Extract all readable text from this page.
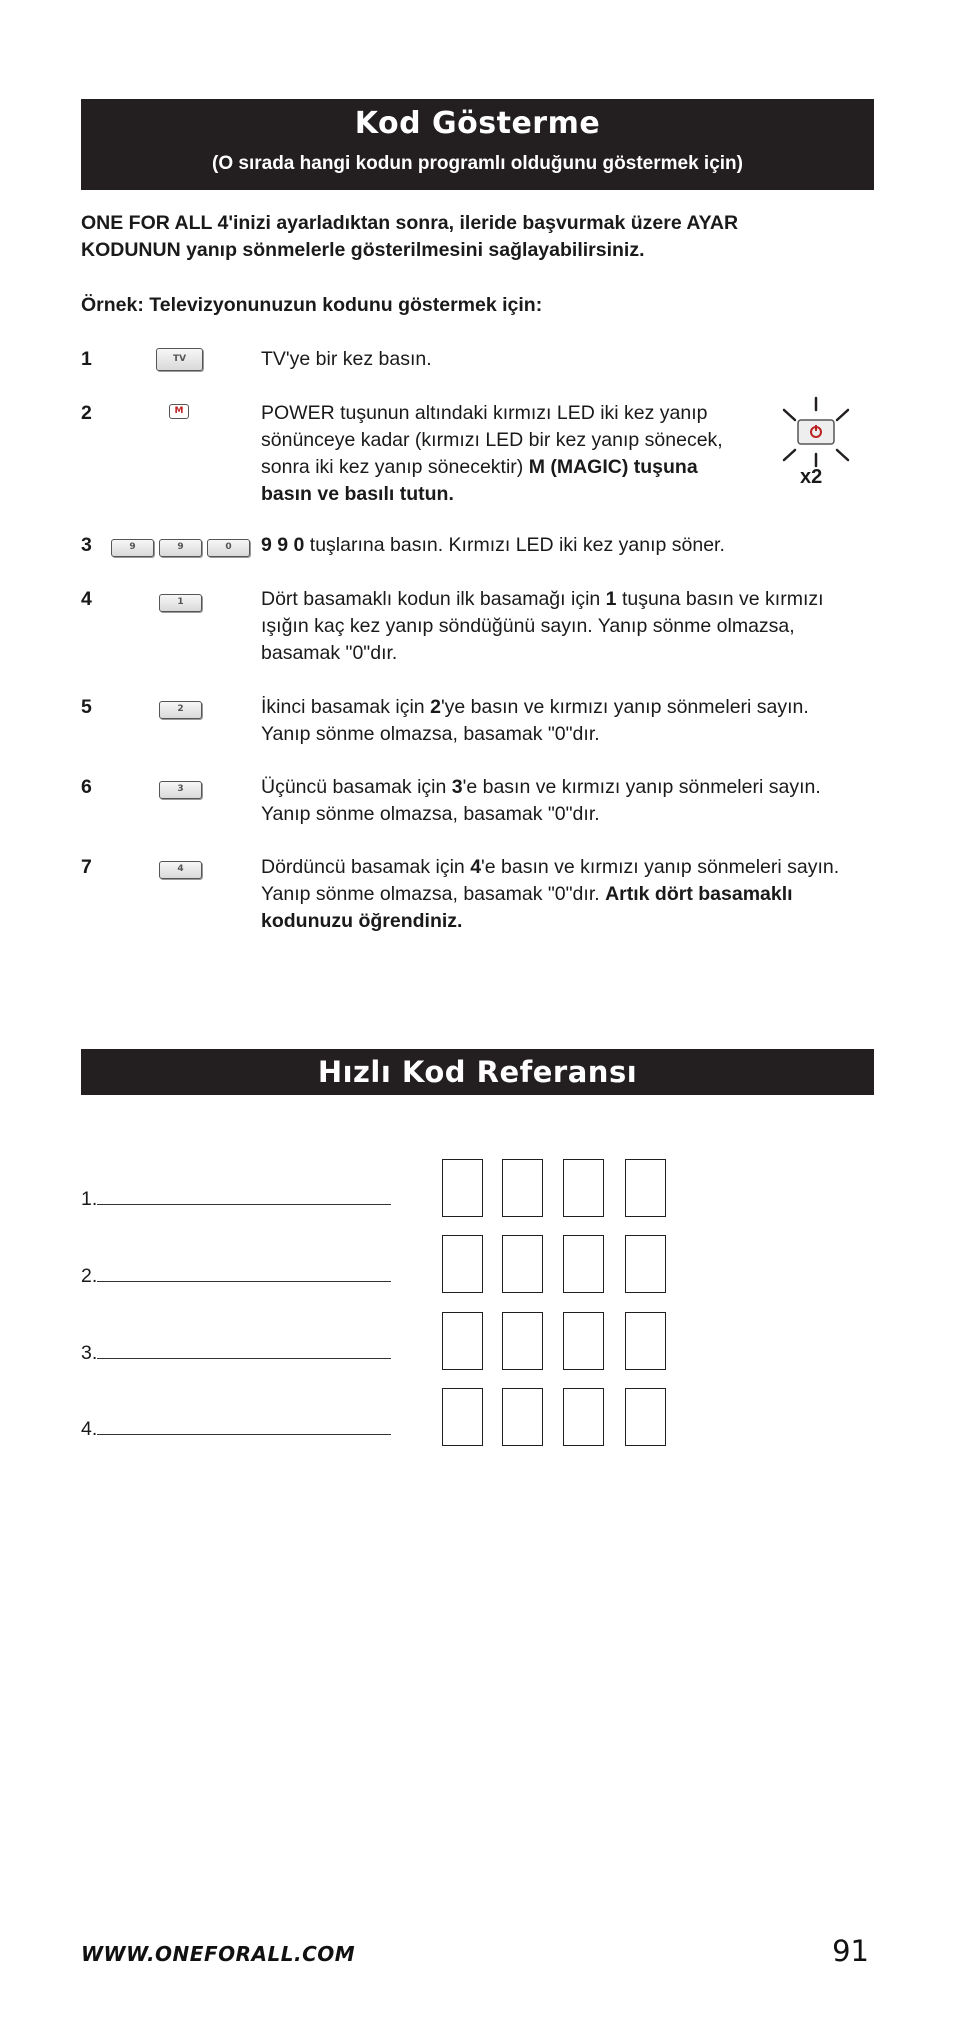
Kod Gösterme
(O sırada hangi kodun programlı olduğunu göstermek için)
ONE FOR ALL 4'inizi ayarladıktan sonra, ileride başvurmak üzere AYAR
KODUNUN yanıp sönmelerle gösterilmesini sağlayabilirsiniz.
Örnek: Televizyonunuzun kodunu göstermek için:
1	TV	TV'ye bir kez basın.
2	M	POWER tuşunun altındaki kırmızı LED iki kez yanıp
sönünceye kadar (kırmızı LED bir kez yanıp sönecek,
sonra iki kez yanıp sönecektir) M (MAGIC) tuşuna
basın ve basılı tutun.
x2
3	9	9	0	9 9 0 tuşlarına basın. Kırmızı LED iki kez yanıp söner.
4	1	Dört basamaklı kodun ilk basamağı için 1 tuşuna basın ve kırmızı
ışığın kaç kez yanıp söndüğünü sayın. Yanıp sönme olmazsa,
basamak "0"dır.
5	2	İkinci basamak için 2'ye basın ve kırmızı yanıp sönmeleri sayın.
Yanıp sönme olmazsa, basamak "0"dır.
6	3	Üçüncü basamak için 3'e basın ve kırmızı yanıp sönmeleri sayın.
Yanıp sönme olmazsa, basamak "0"dır.
7	4	Dördüncü basamak için 4'e basın ve kırmızı yanıp sönmeleri sayın.
Yanıp sönme olmazsa, basamak "0"dır. Artık dört basamaklı
kodunuzu öğrendiniz.
Hızlı Kod Referansı
1.
2.
3.
4.
WWW.ONEFORALL.COM	91
